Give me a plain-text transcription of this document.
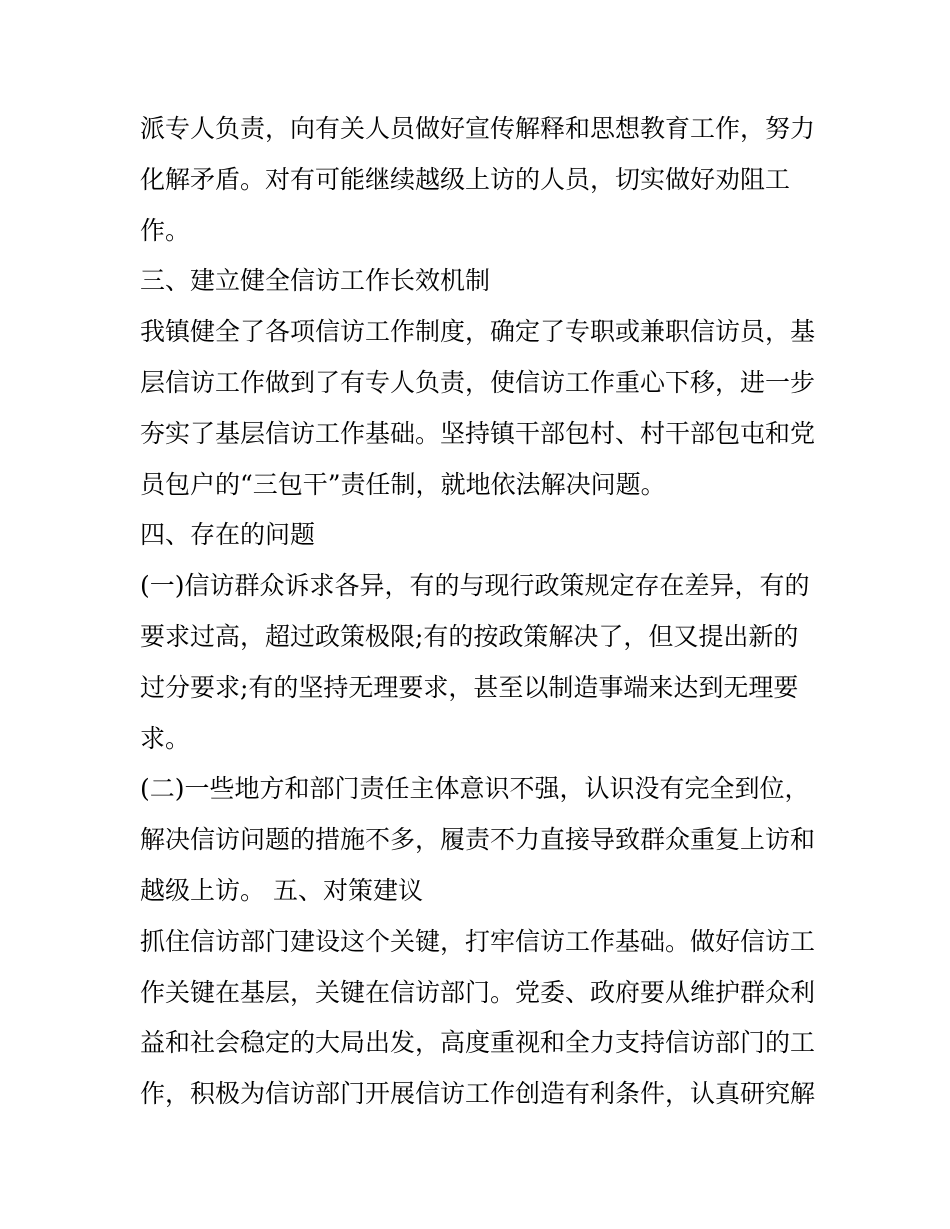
派专人负责，向有关人员做好宣传解释和思想教育工作，努力
化解矛盾。对有可能继续越级上访的人员，切实做好劝阻工
作。
三、建立健全信访工作长效机制
我镇健全了各项信访工作制度，确定了专职或兼职信访员，基
层信访工作做到了有专人负责，使信访工作重心下移，进一步
夯实了基层信访工作基础。坚持镇干部包村、村干部包屯和党
员包户的“三包干”责任制，就地依法解决问题。
四、存在的问题
(一)信访群众诉求各异，有的与现行政策规定存在差异，有的
要求过高，超过政策极限;有的按政策解决了，但又提出新的
过分要求;有的坚持无理要求，甚至以制造事端来达到无理要
求。
(二)一些地方和部门责任主体意识不强，认识没有完全到位，
解决信访问题的措施不多，履责不力直接导致群众重复上访和
越级上访。 五、对策建议
抓住信访部门建设这个关键，打牢信访工作基础。做好信访工
作关键在基层，关键在信访部门。党委、政府要从维护群众利
益和社会稳定的大局出发，高度重视和全力支持信访部门的工
作，积极为信访部门开展信访工作创造有利条件，认真研究解
